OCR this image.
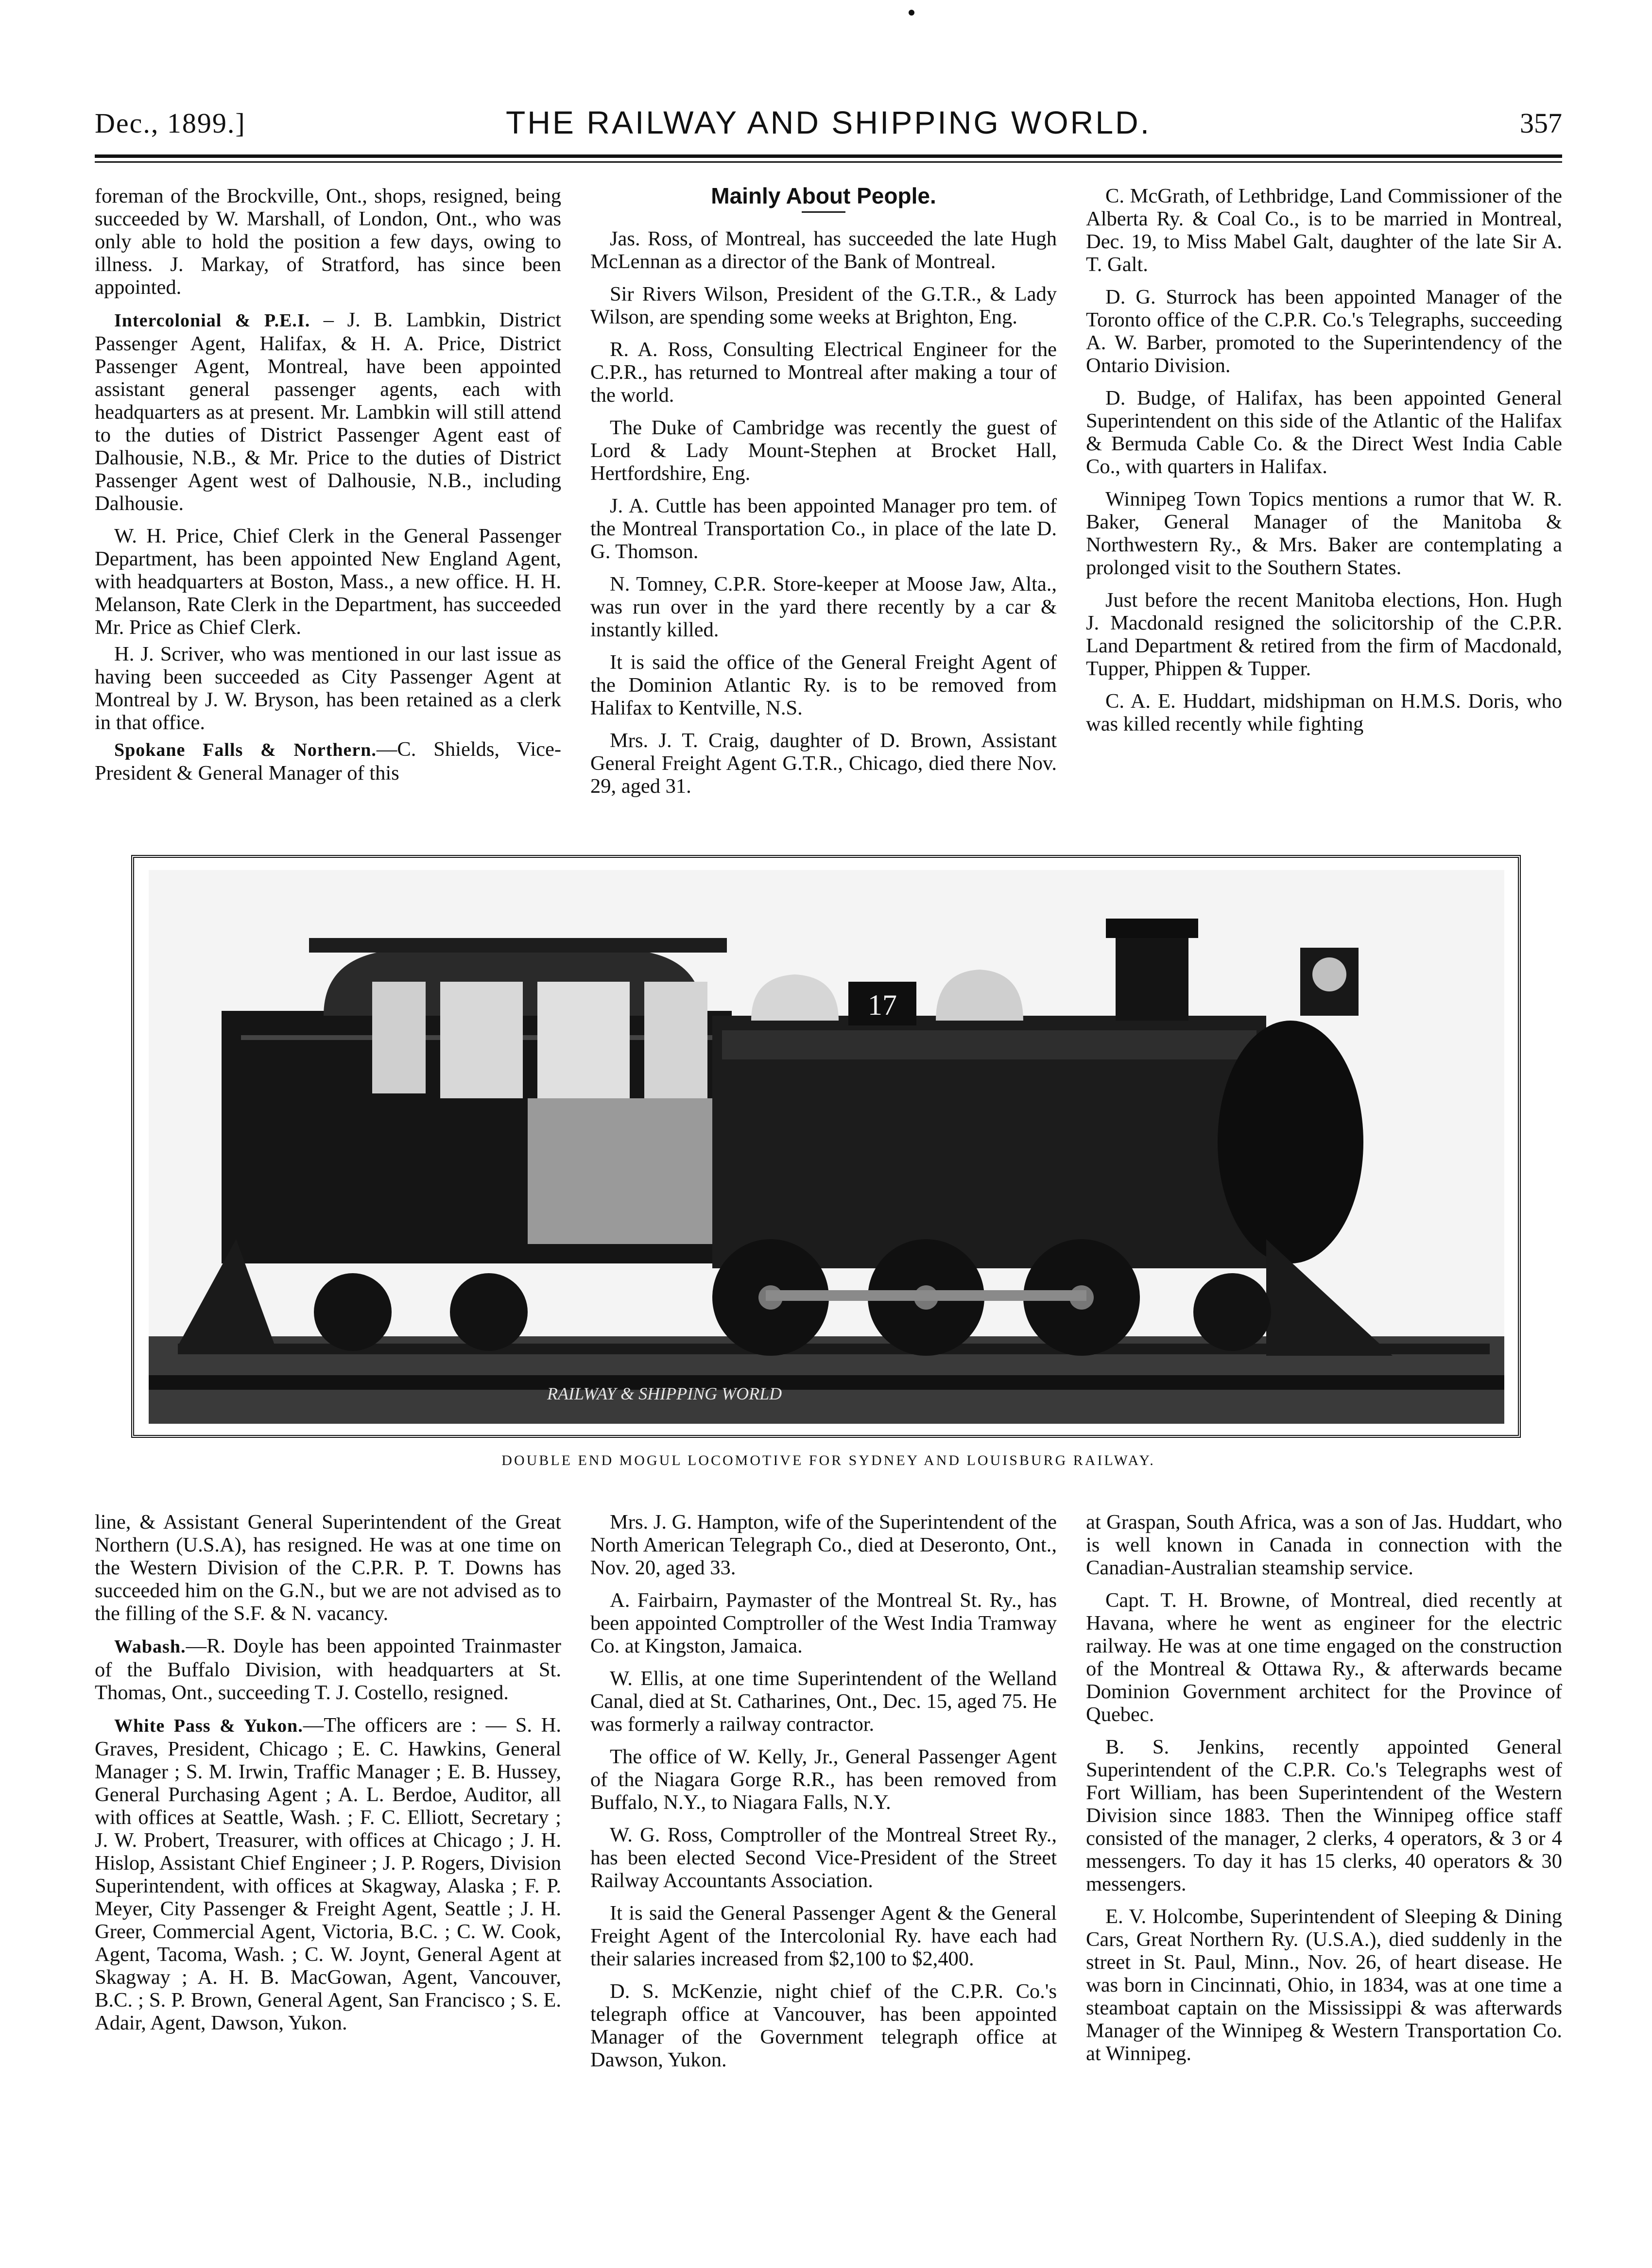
Dec., 1899.]	THE RAILWAY AND SHIPPING WORLD.	357

foreman of the Brockville, Ont., shops, resigned, being succeeded by W. Marshall, of London, Ont., who was only able to hold the position a few days, owing to illness. J. Markay, of Stratford, has since been appointed.

Intercolonial & P.E.I. – J. B. Lambkin, District Passenger Agent, Halifax, & H. A. Price, District Passenger Agent, Montreal, have been appointed assistant general passenger agents, each with headquarters as at present. Mr. Lambkin will still attend to the duties of District Passenger Agent east of Dalhousie, N.B., & Mr. Price to the duties of District Passenger Agent west of Dalhousie, N.B., including Dalhousie.

W. H. Price, Chief Clerk in the General Passenger Department, has been appointed New England Agent, with headquarters at Boston, Mass., a new office. H. H. Melanson, Rate Clerk in the Department, has succeeded Mr. Price as Chief Clerk.

H. J. Scriver, who was mentioned in our last issue as having been succeeded as City Passenger Agent at Montreal by J. W. Bryson, has been retained as a clerk in that office.

Spokane Falls & Northern.—C. Shields, Vice-President & General Manager of this

Mainly About People.

Jas. Ross, of Montreal, has succeeded the late Hugh McLennan as a director of the Bank of Montreal.

Sir Rivers Wilson, President of the G.T.R., & Lady Wilson, are spending some weeks at Brighton, Eng.

R. A. Ross, Consulting Electrical Engineer for the C.P.R., has returned to Montreal after making a tour of the world.

The Duke of Cambridge was recently the guest of Lord & Lady Mount-Stephen at Brocket Hall, Hertfordshire, Eng.

J. A. Cuttle has been appointed Manager pro tem. of the Montreal Transportation Co., in place of the late D. G. Thomson.

N. Tomney, C.P.R. Store-keeper at Moose Jaw, Alta., was run over in the yard there recently by a car & instantly killed.

It is said the office of the General Freight Agent of the Dominion Atlantic Ry. is to be removed from Halifax to Kentville, N.S.

Mrs. J. T. Craig, daughter of D. Brown, Assistant General Freight Agent G.T.R., Chicago, died there Nov. 29, aged 31.

C. McGrath, of Lethbridge, Land Commissioner of the Alberta Ry. & Coal Co., is to be married in Montreal, Dec. 19, to Miss Mabel Galt, daughter of the late Sir A. T. Galt.

D. G. Sturrock has been appointed Manager of the Toronto office of the C.P.R. Co.'s Telegraphs, succeeding A. W. Barber, promoted to the Superintendency of the Ontario Division.

D. Budge, of Halifax, has been appointed General Superintendent on this side of the Atlantic of the Halifax & Bermuda Cable Co. & the Direct West India Cable Co., with quarters in Halifax.

Winnipeg Town Topics mentions a rumor that W. R. Baker, General Manager of the Manitoba & Northwestern Ry., & Mrs. Baker are contemplating a prolonged visit to the Southern States.

Just before the recent Manitoba elections, Hon. Hugh J. Macdonald resigned the solicitorship of the C.P.R. Land Department & retired from the firm of Macdonald, Tupper, Phippen & Tupper.

C. A. E. Huddart, midshipman on H.M.S. Doris, who was killed recently while fighting

17
RAILWAY & SHIPPING WORLD
DOUBLE END MOGUL LOCOMOTIVE FOR SYDNEY AND LOUISBURG RAILWAY.

line, & Assistant General Superintendent of the Great Northern (U.S.A), has resigned. He was at one time on the Western Division of the C.P.R. P. T. Downs has succeeded him on the G.N., but we are not advised as to the filling of the S.F. & N. vacancy.

Wabash.—R. Doyle has been appointed Trainmaster of the Buffalo Division, with headquarters at St. Thomas, Ont., succeeding T. J. Costello, resigned.

White Pass & Yukon.—The officers are : — S. H. Graves, President, Chicago ; E. C. Hawkins, General Manager ; S. M. Irwin, Traffic Manager ; E. B. Hussey, General Purchasing Agent ; A. L. Berdoe, Auditor, all with offices at Seattle, Wash. ; F. C. Elliott, Secretary ; J. W. Probert, Treasurer, with offices at Chicago ; J. H. Hislop, Assistant Chief Engineer ; J. P. Rogers, Division Superintendent, with offices at Skagway, Alaska ; F. P. Meyer, City Passenger & Freight Agent, Seattle ; J. H. Greer, Commercial Agent, Victoria, B.C. ; C. W. Cook, Agent, Tacoma, Wash. ; C. W. Joynt, General Agent at Skagway ; A. H. B. MacGowan, Agent, Vancouver, B.C. ; S. P. Brown, General Agent, San Francisco ; S. E. Adair, Agent, Dawson, Yukon.

Mrs. J. G. Hampton, wife of the Superintendent of the North American Telegraph Co., died at Deseronto, Ont., Nov. 20, aged 33.

A. Fairbairn, Paymaster of the Montreal St. Ry., has been appointed Comptroller of the West India Tramway Co. at Kingston, Jamaica.

W. Ellis, at one time Superintendent of the Welland Canal, died at St. Catharines, Ont., Dec. 15, aged 75. He was formerly a railway contractor.

The office of W. Kelly, Jr., General Passenger Agent of the Niagara Gorge R.R., has been removed from Buffalo, N.Y., to Niagara Falls, N.Y.

W. G. Ross, Comptroller of the Montreal Street Ry., has been elected Second Vice-President of the Street Railway Accountants Association.

It is said the General Passenger Agent & the General Freight Agent of the Intercolonial Ry. have each had their salaries increased from $2,100 to $2,400.

D. S. McKenzie, night chief of the C.P.R. Co.'s telegraph office at Vancouver, has been appointed Manager of the Government telegraph office at Dawson, Yukon.

at Graspan, South Africa, was a son of Jas. Huddart, who is well known in Canada in connection with the Canadian-Australian steamship service.

Capt. T. H. Browne, of Montreal, died recently at Havana, where he went as engineer for the electric railway. He was at one time engaged on the construction of the Montreal & Ottawa Ry., & afterwards became Dominion Government architect for the Province of Quebec.

B. S. Jenkins, recently appointed General Superintendent of the C.P.R. Co.'s Telegraphs west of Fort William, has been Superintendent of the Western Division since 1883. Then the Winnipeg office staff consisted of the manager, 2 clerks, 4 operators, & 3 or 4 messengers. To day it has 15 clerks, 40 operators & 30 messengers.

E. V. Holcombe, Superintendent of Sleeping & Dining Cars, Great Northern Ry. (U.S.A.), died suddenly in the street in St. Paul, Minn., Nov. 26, of heart disease. He was born in Cincinnati, Ohio, in 1834, was at one time a steamboat captain on the Mississippi & was afterwards Manager of the Winnipeg & Western Transportation Co. at Winnipeg.
